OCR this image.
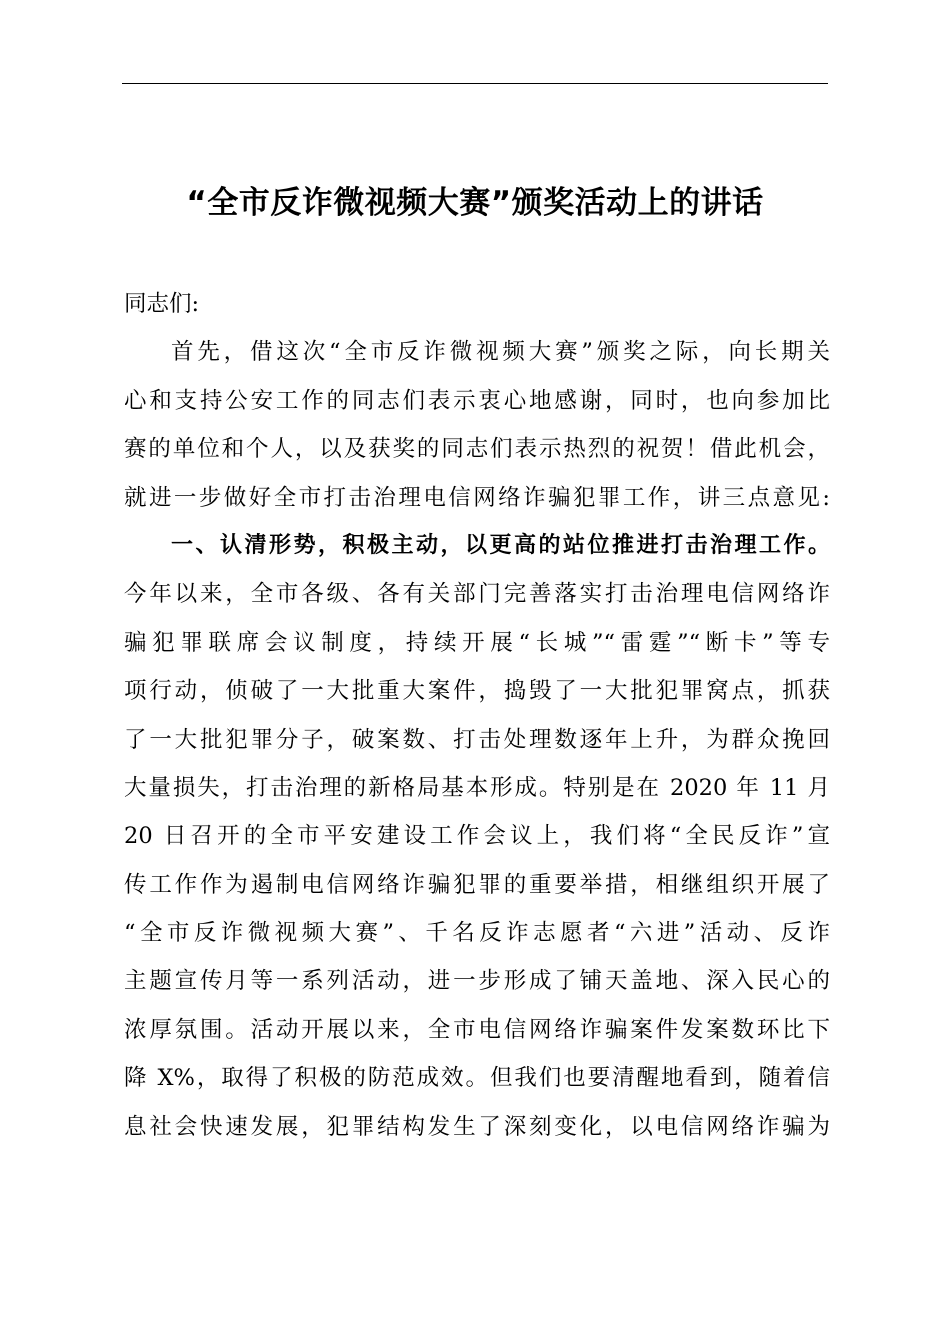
“全市反诈微视频大赛”颁奖活动上的讲话
同志们:
首先，借这次“全市反诈微视频大赛”颁奖之际，向长期关
心和支持公安工作的同志们表示衷心地感谢，同时，也向参加比
赛的单位和个人，以及获奖的同志们表示热烈的祝贺！借此机会，
就进一步做好全市打击治理电信网络诈骗犯罪工作，讲三点意见:
一、认清形势，积极主动，以更高的站位推进打击治理工作。
今年以来，全市各级、各有关部门完善落实打击治理电信网络诈
骗犯罪联席会议制度，持续开展“长城”“雷霆”“断卡”等专
项行动，侦破了一大批重大案件，捣毁了一大批犯罪窝点，抓获
了一大批犯罪分子，破案数、打击处理数逐年上升，为群众挽回
大量损失，打击治理的新格局基本形成。特别是在 2020 年 11 月
20 日召开的全市平安建设工作会议上，我们将“全民反诈”宣
传工作作为遏制电信网络诈骗犯罪的重要举措，相继组织开展了
“全市反诈微视频大赛”、千名反诈志愿者“六进”活动、反诈
主题宣传月等一系列活动，进一步形成了铺天盖地、深入民心的
浓厚氛围。活动开展以来，全市电信网络诈骗案件发案数环比下
降 X%，取得了积极的防范成效。但我们也要清醒地看到，随着信
息社会快速发展，犯罪结构发生了深刻变化，以电信网络诈骗为
